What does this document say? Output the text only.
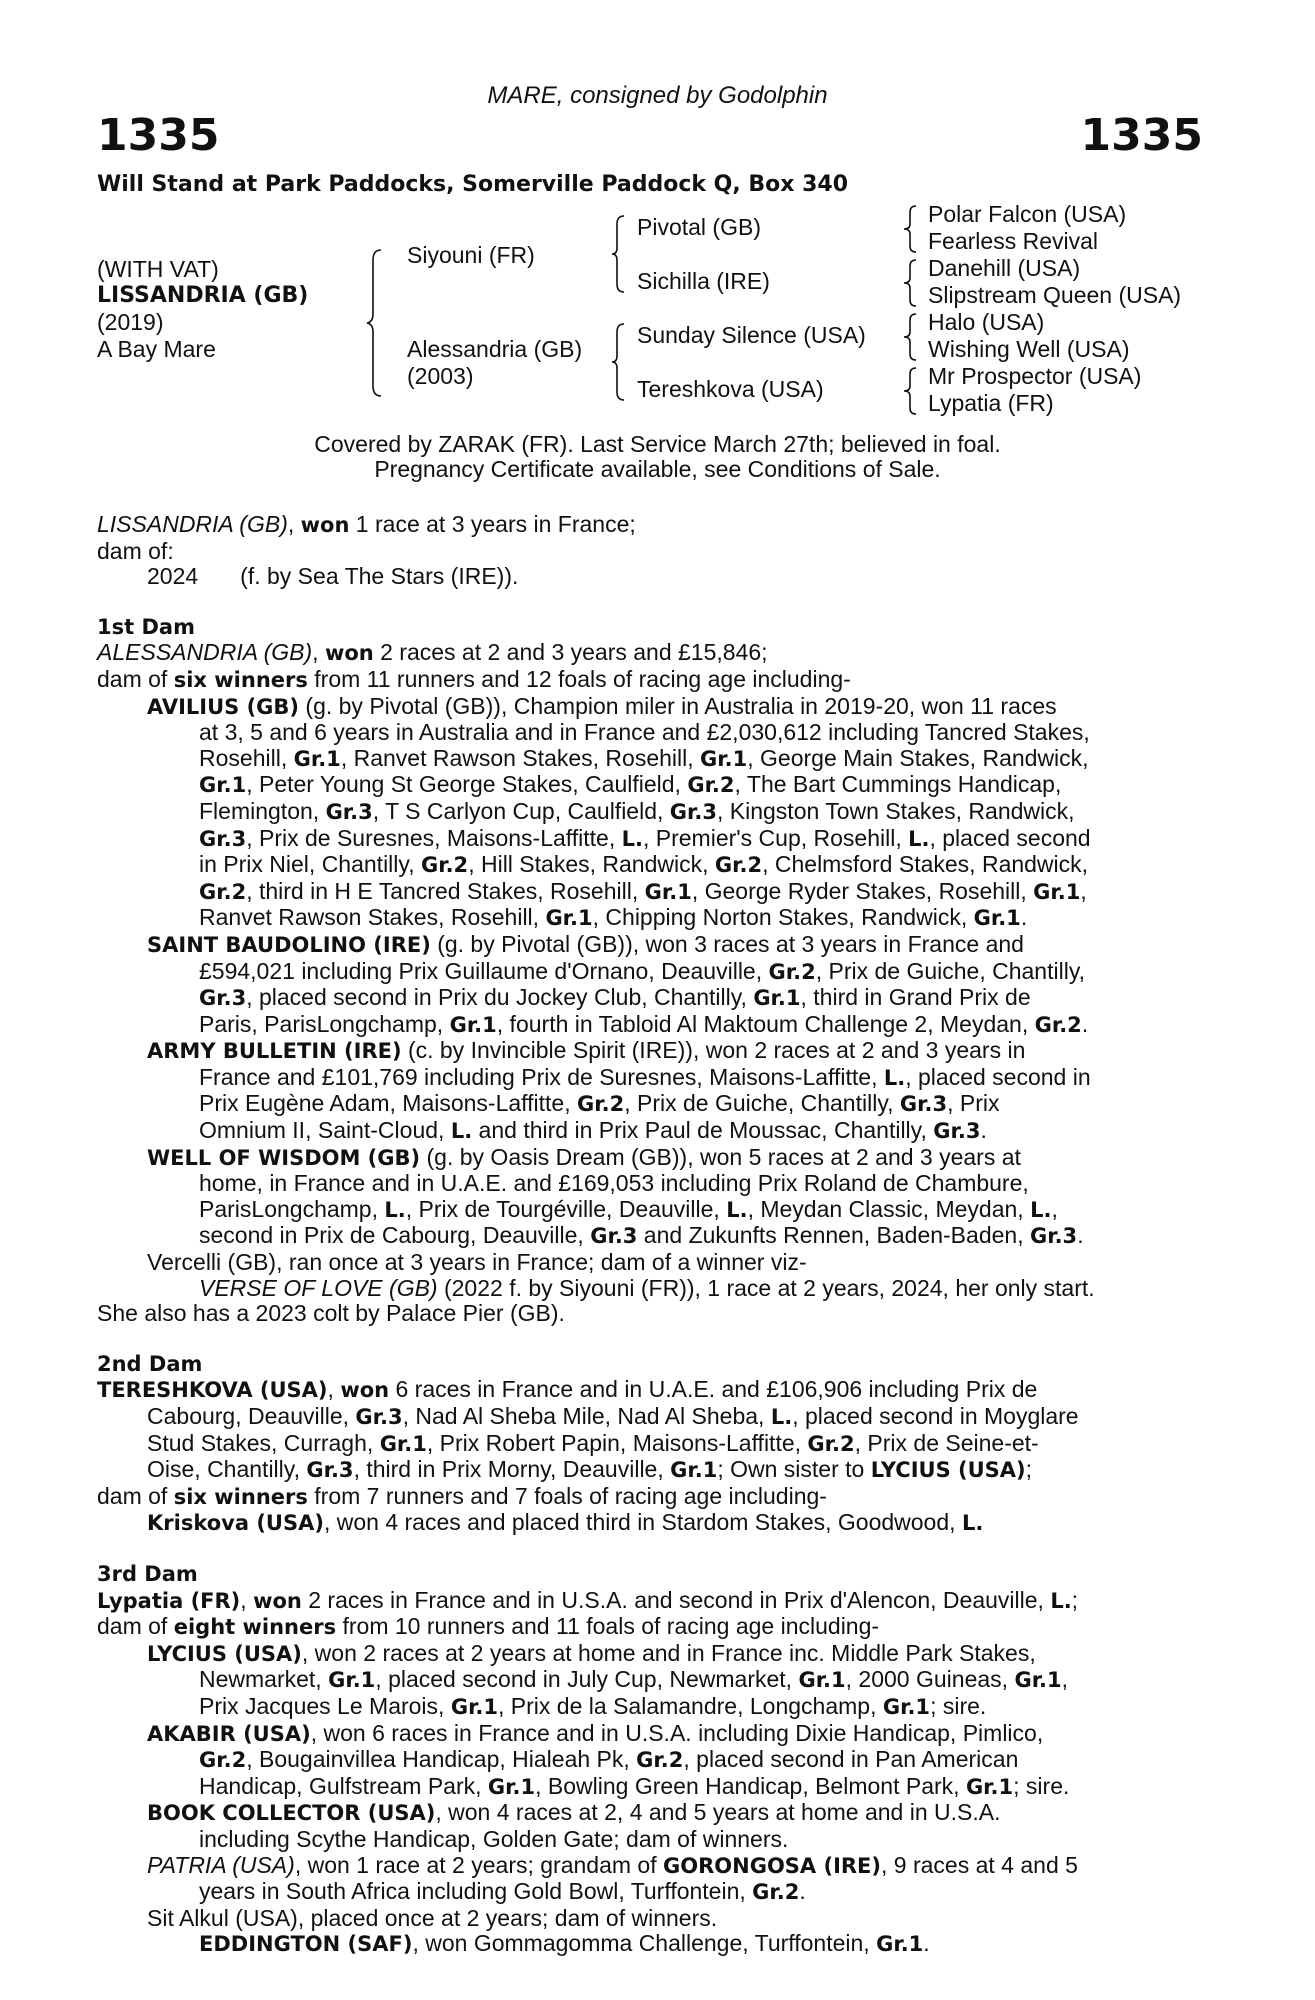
MARE, consigned by Godolphin
1335	1335
Will Stand at Park Paddocks, Somerville Paddock Q, Box 340
(WITH VAT)
LISSANDRIA (GB)
(2019)
A Bay Mare
Siyouni (FR)
Alessandria (GB)
(2003)
Pivotal (GB)
Sichilla (IRE)
Sunday Silence (USA)
Tereshkova (USA)
Polar Falcon (USA)
Fearless Revival
Danehill (USA)
Slipstream Queen (USA)
Halo (USA)
Wishing Well (USA)
Mr Prospector (USA)
Lypatia (FR)

Covered by ZARAK (FR). Last Service March 27th; believed in foal.

Pregnancy Certificate available, see Conditions of Sale.

LISSANDRIA (GB), won 1 race at 3 years in France;

dam of:

2024 (f. by Sea The Stars (IRE)).

1st Dam

ALESSANDRIA (GB), won 2 races at 2 and 3 years and £15,846;

dam of six winners from 11 runners and 12 foals of racing age including-

AVILIUS (GB) (g. by Pivotal (GB)), Champion miler in Australia in 2019-20, won 11 races

at 3, 5 and 6 years in Australia and in France and £2,030,612 including Tancred Stakes,

Rosehill, Gr.1, Ranvet Rawson Stakes, Rosehill, Gr.1, George Main Stakes, Randwick,

Gr.1, Peter Young St George Stakes, Caulfield, Gr.2, The Bart Cummings Handicap,

Flemington, Gr.3, T S Carlyon Cup, Caulfield, Gr.3, Kingston Town Stakes, Randwick,

Gr.3, Prix de Suresnes, Maisons-Laffitte, L., Premier's Cup, Rosehill, L., placed second

in Prix Niel, Chantilly, Gr.2, Hill Stakes, Randwick, Gr.2, Chelmsford Stakes, Randwick,

Gr.2, third in H E Tancred Stakes, Rosehill, Gr.1, George Ryder Stakes, Rosehill, Gr.1,

Ranvet Rawson Stakes, Rosehill, Gr.1, Chipping Norton Stakes, Randwick, Gr.1.

SAINT BAUDOLINO (IRE) (g. by Pivotal (GB)), won 3 races at 3 years in France and

£594,021 including Prix Guillaume d'Ornano, Deauville, Gr.2, Prix de Guiche, Chantilly,

Gr.3, placed second in Prix du Jockey Club, Chantilly, Gr.1, third in Grand Prix de

Paris, ParisLongchamp, Gr.1, fourth in Tabloid Al Maktoum Challenge 2, Meydan, Gr.2.

ARMY BULLETIN (IRE) (c. by Invincible Spirit (IRE)), won 2 races at 2 and 3 years in

France and £101,769 including Prix de Suresnes, Maisons-Laffitte, L., placed second in

Prix Eugène Adam, Maisons-Laffitte, Gr.2, Prix de Guiche, Chantilly, Gr.3, Prix

Omnium II, Saint-Cloud, L. and third in Prix Paul de Moussac, Chantilly, Gr.3.

WELL OF WISDOM (GB) (g. by Oasis Dream (GB)), won 5 races at 2 and 3 years at

home, in France and in U.A.E. and £169,053 including Prix Roland de Chambure,

ParisLongchamp, L., Prix de Tourgéville, Deauville, L., Meydan Classic, Meydan, L.,

second in Prix de Cabourg, Deauville, Gr.3 and Zukunfts Rennen, Baden-Baden, Gr.3.

Vercelli (GB), ran once at 3 years in France; dam of a winner viz-

VERSE OF LOVE (GB) (2022 f. by Siyouni (FR)), 1 race at 2 years, 2024, her only start.

She also has a 2023 colt by Palace Pier (GB).

2nd Dam

TERESHKOVA (USA), won 6 races in France and in U.A.E. and £106,906 including Prix de

Cabourg, Deauville, Gr.3, Nad Al Sheba Mile, Nad Al Sheba, L., placed second in Moyglare

Stud Stakes, Curragh, Gr.1, Prix Robert Papin, Maisons-Laffitte, Gr.2, Prix de Seine-et-

Oise, Chantilly, Gr.3, third in Prix Morny, Deauville, Gr.1; Own sister to LYCIUS (USA);

dam of six winners from 7 runners and 7 foals of racing age including-

Kriskova (USA), won 4 races and placed third in Stardom Stakes, Goodwood, L.

3rd Dam

Lypatia (FR), won 2 races in France and in U.S.A. and second in Prix d'Alencon, Deauville, L.;

dam of eight winners from 10 runners and 11 foals of racing age including-

LYCIUS (USA), won 2 races at 2 years at home and in France inc. Middle Park Stakes,

Newmarket, Gr.1, placed second in July Cup, Newmarket, Gr.1, 2000 Guineas, Gr.1,

Prix Jacques Le Marois, Gr.1, Prix de la Salamandre, Longchamp, Gr.1; sire.

AKABIR (USA), won 6 races in France and in U.S.A. including Dixie Handicap, Pimlico,

Gr.2, Bougainvillea Handicap, Hialeah Pk, Gr.2, placed second in Pan American

Handicap, Gulfstream Park, Gr.1, Bowling Green Handicap, Belmont Park, Gr.1; sire.

BOOK COLLECTOR (USA), won 4 races at 2, 4 and 5 years at home and in U.S.A.

including Scythe Handicap, Golden Gate; dam of winners.

PATRIA (USA), won 1 race at 2 years; grandam of GORONGOSA (IRE), 9 races at 4 and 5

years in South Africa including Gold Bowl, Turffontein, Gr.2.

Sit Alkul (USA), placed once at 2 years; dam of winners.

EDDINGTON (SAF), won Gommagomma Challenge, Turffontein, Gr.1.
